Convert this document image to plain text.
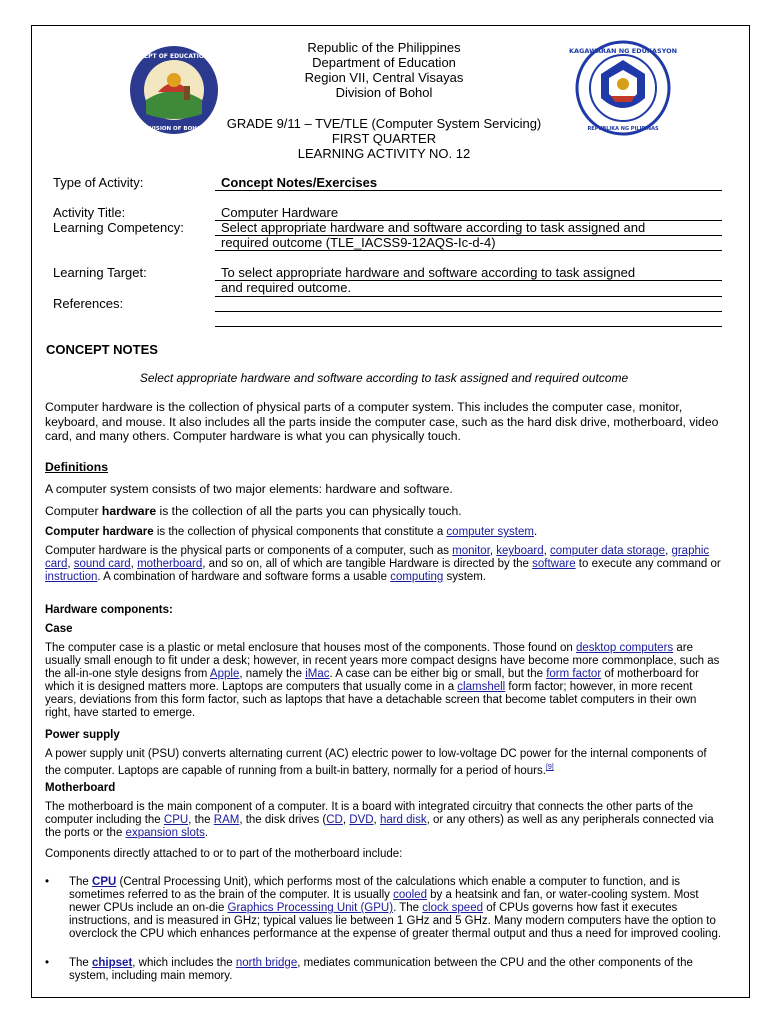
DEPT OF EDUCATION
DIVISION OF BOHOL
KAGAWARAN NG EDUKASYON
REPUBLIKA NG PILIPINAS
Republic of the Philippines
Department of Education
Region VII, Central Visayas
Division of Bohol
GRADE 9/11 – TVE/TLE (Computer System Servicing)
FIRST QUARTER
LEARNING ACTIVITY NO. 12
Type of Activity:	Concept Notes/Exercises
Activity Title:	Computer Hardware
Learning Competency:	Select appropriate hardware and software according to task assigned and
required outcome (TLE_IACSS9-12AQS-Ic-d-4)
Learning Target:	To select appropriate hardware and software according to task assigned
and required outcome.
References:
CONCEPT NOTES
Select appropriate hardware and software according to task assigned and required outcome
Computer hardware is the collection of physical parts of a computer system. This includes the computer case, monitor, keyboard, and mouse. It also includes all the parts inside the computer case, such as the hard disk drive, motherboard, video card, and many others. Computer hardware is what you can physically touch.
Definitions
A computer system consists of two major elements: hardware and software.
Computer hardware is the collection of all the parts you can physically touch.
Computer hardware is the collection of physical components that constitute a computer system.
Computer hardware is the physical parts or components of a computer, such as monitor, keyboard, computer data storage, graphic card, sound card, motherboard, and so on, all of which are tangible Hardware is directed by the software to execute any command or instruction. A combination of hardware and software forms a usable computing system.
Hardware components:
Case
The computer case is a plastic or metal enclosure that houses most of the components. Those found on desktop computers are usually small enough to fit under a desk; however, in recent years more compact designs have become more commonplace, such as the all-in-one style designs from Apple, namely the iMac. A case can be either big or small, but the form factor of motherboard for which it is designed matters more. Laptops are computers that usually come in a clamshell form factor; however, in more recent years, deviations from this form factor, such as laptops that have a detachable screen that become tablet computers in their own right, have started to emerge.
Power supply
A power supply unit (PSU) converts alternating current (AC) electric power to low-voltage DC power for the internal components of the computer. Laptops are capable of running from a built-in battery, normally for a period of hours.[9]
Motherboard
The motherboard is the main component of a computer. It is a board with integrated circuitry that connects the other parts of the computer including the CPU, the RAM, the disk drives (CD, DVD, hard disk, or any others) as well as any peripherals connected via the ports or the expansion slots.
Components directly attached to or to part of the motherboard include:
• The CPU (Central Processing Unit), which performs most of the calculations which enable a computer to function, and is sometimes referred to as the brain of the computer. It is usually cooled by a heatsink and fan, or water-cooling system. Most newer CPUs include an on-die Graphics Processing Unit (GPU). The clock speed of CPUs governs how fast it executes instructions, and is measured in GHz; typical values lie between 1 GHz and 5 GHz. Many modern computers have the option to overclock the CPU which enhances performance at the expense of greater thermal output and thus a need for improved cooling.
• The chipset, which includes the north bridge, mediates communication between the CPU and the other components of the system, including main memory.
